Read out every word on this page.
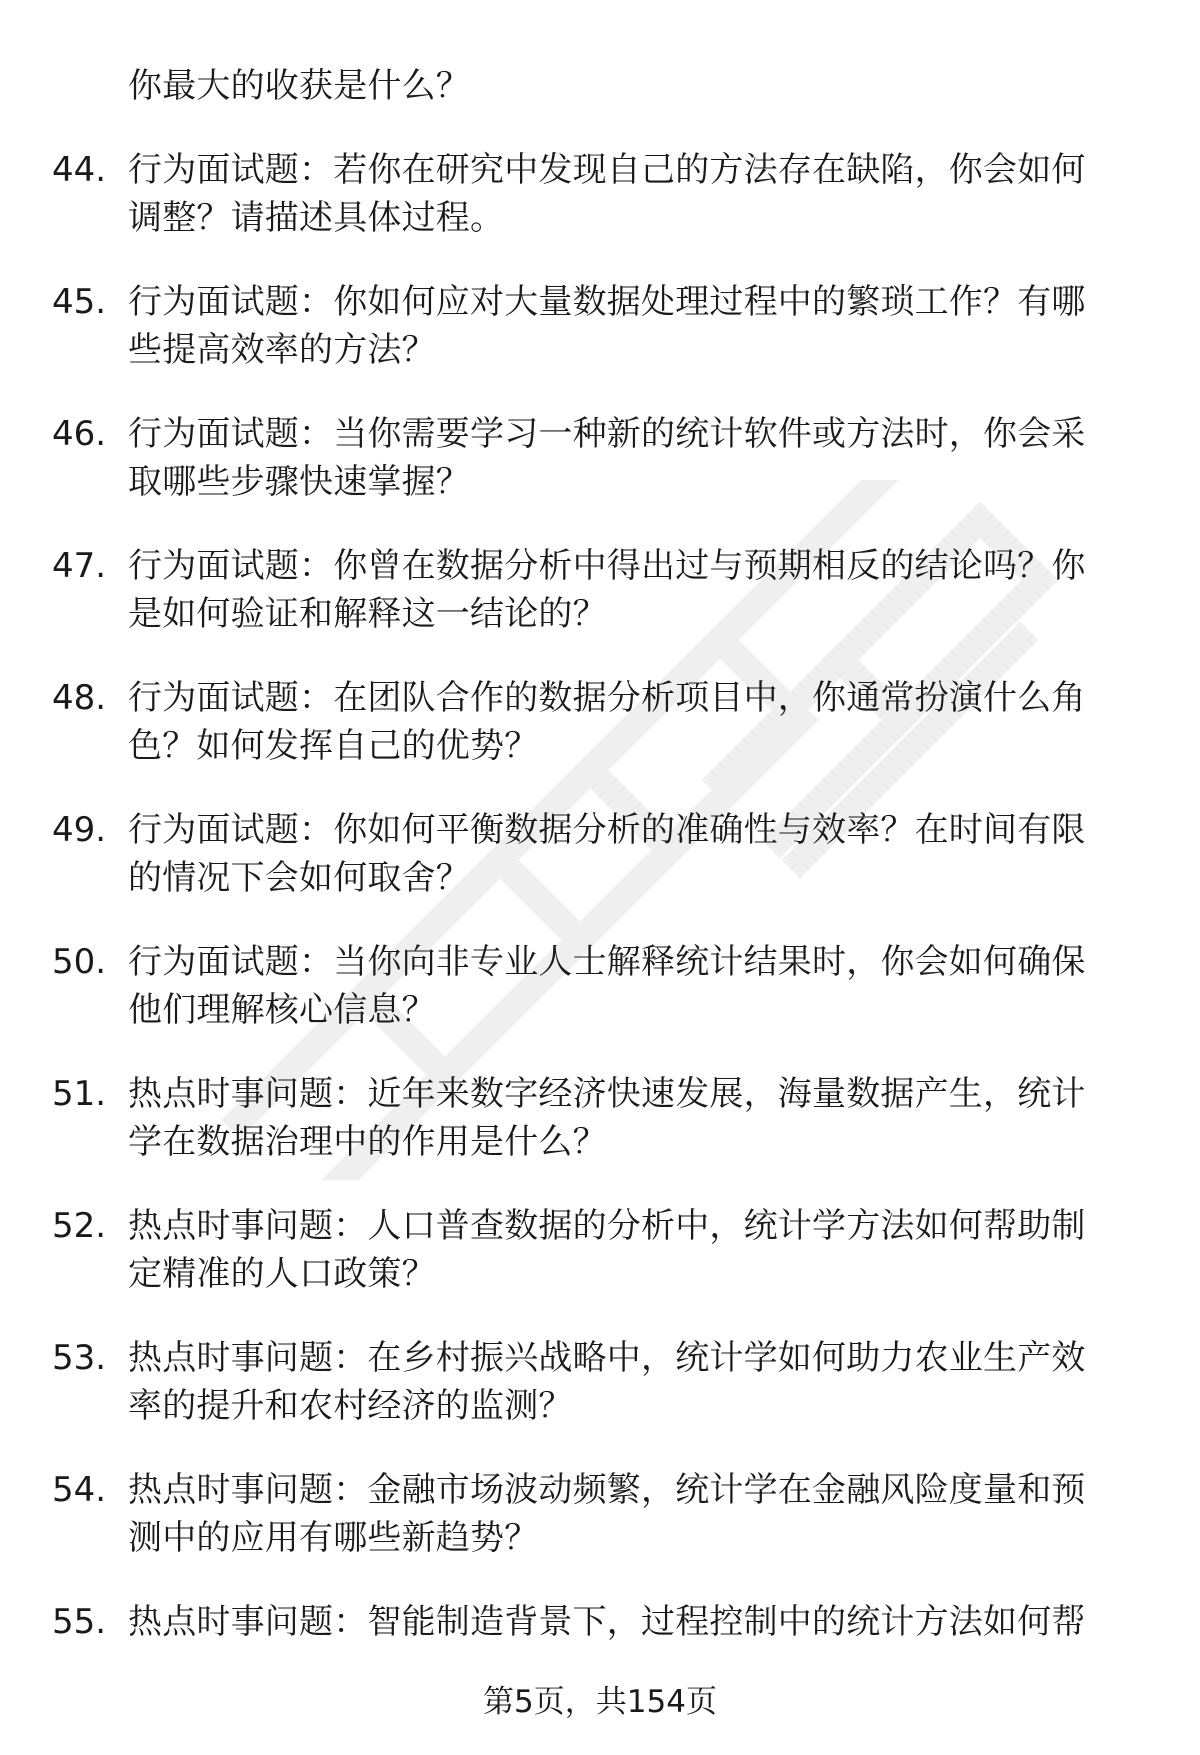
你最大的收获是什么？
44. 行为面试题：若你在研究中发现自己的方法存在缺陷，你会如何
调整？请描述具体过程。
45. 行为面试题：你如何应对大量数据处理过程中的繁琐工作？有哪
些提高效率的方法？
46. 行为面试题：当你需要学习一种新的统计软件或方法时，你会采
取哪些步骤快速掌握？
47. 行为面试题：你曾在数据分析中得出过与预期相反的结论吗？你
是如何验证和解释这一结论的？
48. 行为面试题：在团队合作的数据分析项目中，你通常扮演什么角
色？如何发挥自己的优势？
49. 行为面试题：你如何平衡数据分析的准确性与效率？在时间有限
的情况下会如何取舍？
50. 行为面试题：当你向非专业人士解释统计结果时，你会如何确保
他们理解核心信息？
51. 热点时事问题：近年来数字经济快速发展，海量数据产生，统计
学在数据治理中的作用是什么？
52. 热点时事问题：人口普查数据的分析中，统计学方法如何帮助制
定精准的人口政策？
53. 热点时事问题：在乡村振兴战略中，统计学如何助力农业生产效
率的提升和农村经济的监测？
54. 热点时事问题：金融市场波动频繁，统计学在金融风险度量和预
测中的应用有哪些新趋势？
55. 热点时事问题：智能制造背景下，过程控制中的统计方法如何帮
第5页，共154页
